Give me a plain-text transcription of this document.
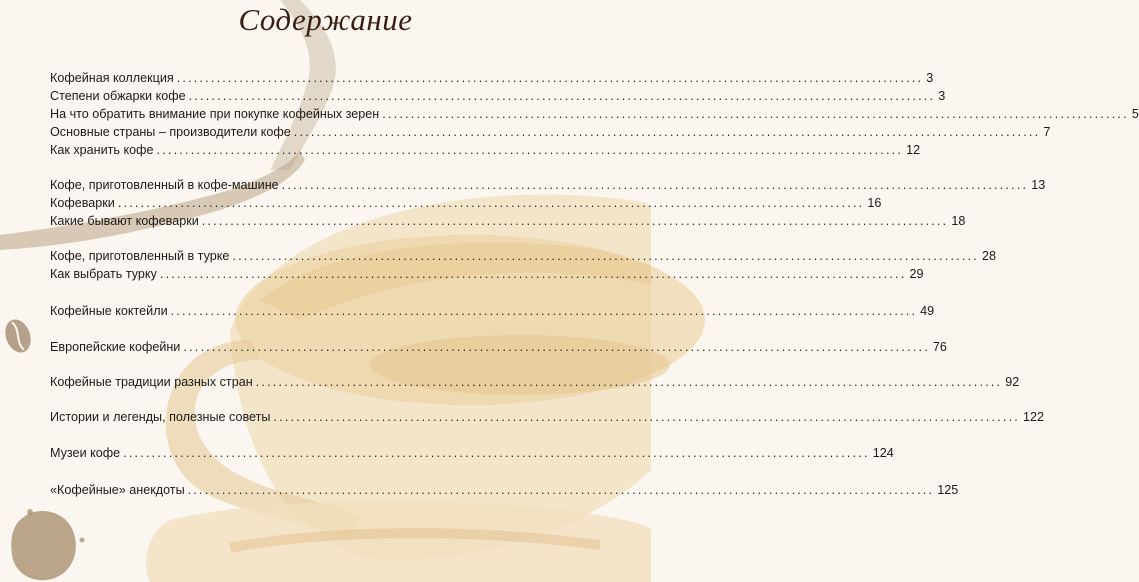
Содержание
Кофейная коллекция ................................................................................................................................... 3
Степени обжарки кофе ................................................................................................................................... 3
На что обратить внимание при покупке кофейных зерен ................................................................................................................................... 5
Основные страны – производители кофе ................................................................................................................................... 7
Как хранить кофе ................................................................................................................................... 12
Кофе, приготовленный в кофе-машине ................................................................................................................................... 13
Кофеварки ................................................................................................................................... 16
Какие бывают кофеварки ................................................................................................................................... 18
Кофе, приготовленный в турке ................................................................................................................................... 28
Как выбрать турку ................................................................................................................................... 29
Кофейные коктейли ................................................................................................................................... 49
Европейские кофейни ................................................................................................................................... 76
Кофейные традиции разных стран ................................................................................................................................... 92
Истории и легенды, полезные советы ................................................................................................................................... 122
Музеи кофе ................................................................................................................................... 124
«Кофейные» анекдоты ................................................................................................................................... 125
